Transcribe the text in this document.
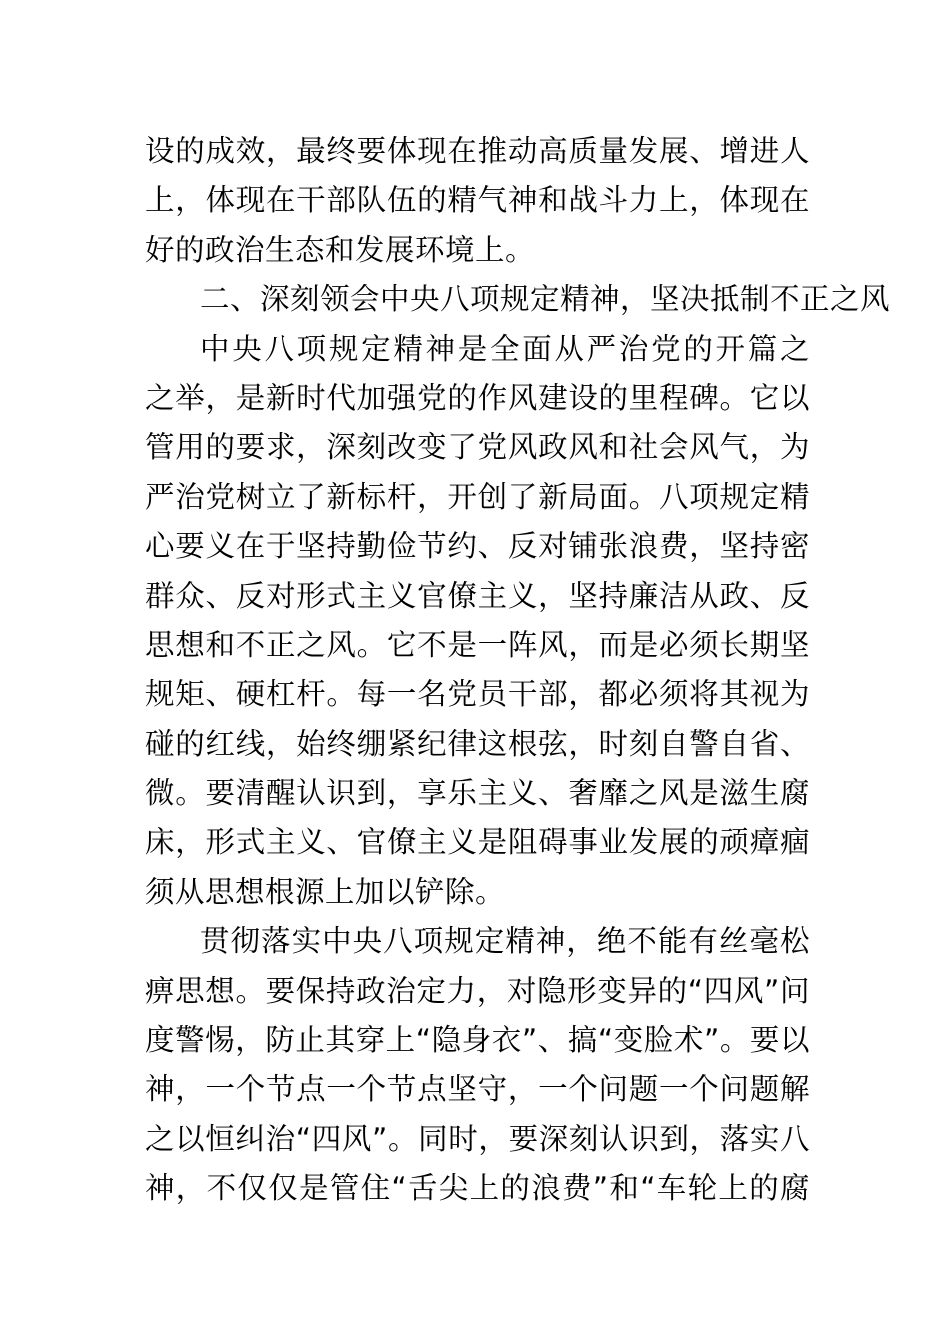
设的成效，最终要体现在推动高质量发展、增进人
上，体现在干部队伍的精气神和战斗力上，体现在
好的政治生态和发展环境上。
二、深刻领会中央八项规定精神，坚决抵制不正之风
中央八项规定精神是全面从严治党的开篇之
之举，是新时代加强党的作风建设的里程碑。它以
管用的要求，深刻改变了党风政风和社会风气，为
严治党树立了新标杆，开创了新局面。八项规定精
心要义在于坚持勤俭节约、反对铺张浪费，坚持密
群众、反对形式主义官僚主义，坚持廉洁从政、反
思想和不正之风。它不是一阵风，而是必须长期坚
规矩、硬杠杆。每一名党员干部，都必须将其视为
碰的红线，始终绷紧纪律这根弦，时刻自警自省、
微。要清醒认识到，享乐主义、奢靡之风是滋生腐
床，形式主义、官僚主义是阻碍事业发展的顽瘴痼
须从思想根源上加以铲除。
贯彻落实中央八项规定精神，绝不能有丝毫松
痹思想。要保持政治定力，对隐形变异的“四风”问
度警惕，防止其穿上“隐身衣”、搞“变脸术”。要以
神，一个节点一个节点坚守，一个问题一个问题解
之以恒纠治“四风”。同时，要深刻认识到，落实八
神，不仅仅是管住“舌尖上的浪费”和“车轮上的腐
